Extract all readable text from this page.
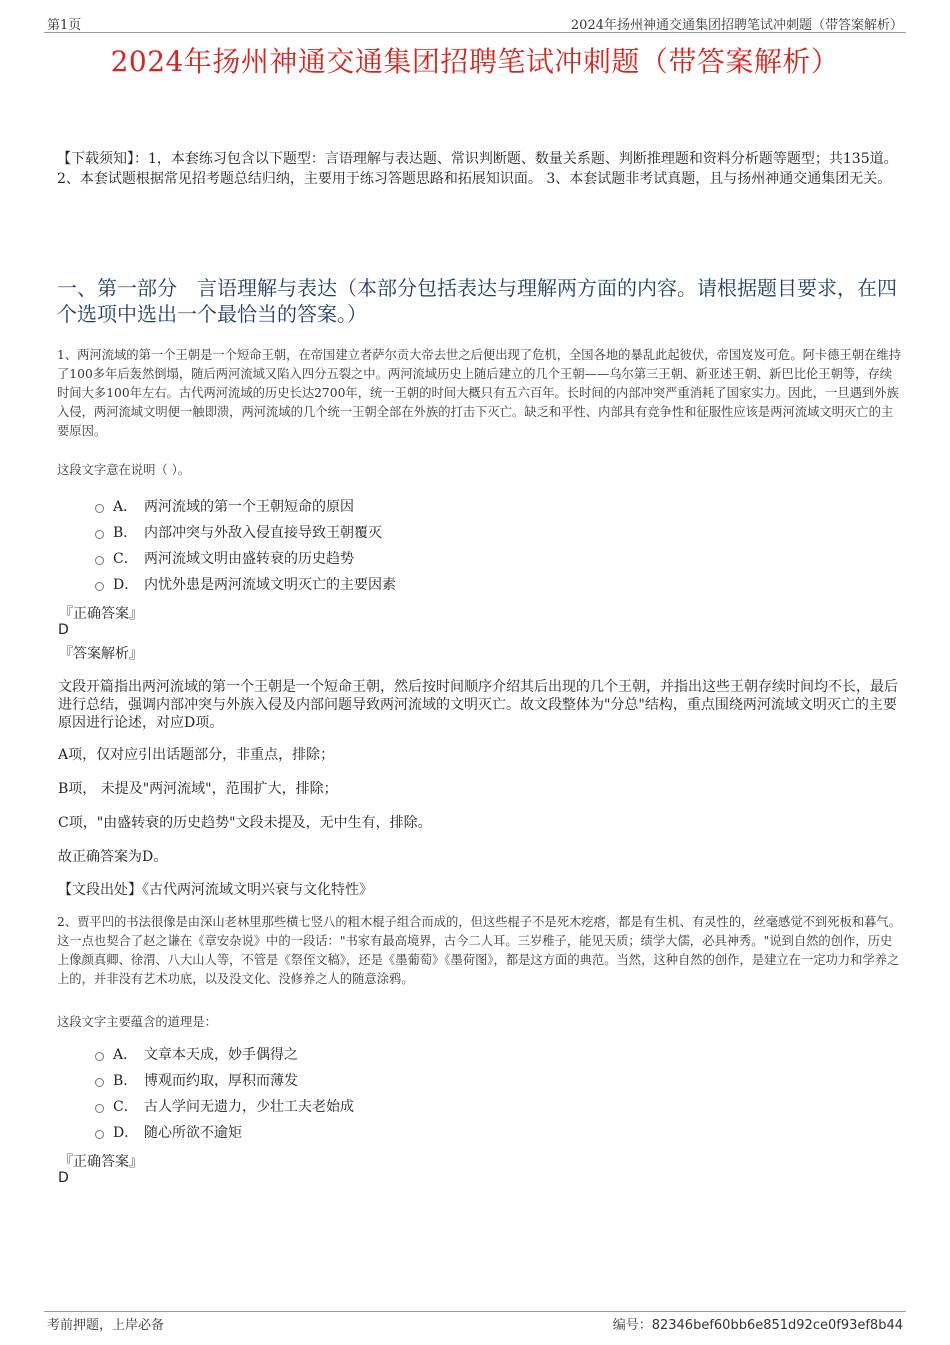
第1页	2024年扬州神通交通集团招聘笔试冲刺题（带答案解析）
2024年扬州神通交通集团招聘笔试冲刺题（带答案解析）
【下载须知】：1，本套练习包含以下题型：言语理解与表达题、常识判断题、数量关系题、判断推理题和资料分析题等题型；共135道。 2、本套试题根据常见招考题总结归纳，主要用于练习答题思路和拓展知识面。 3、本套试题非考试真题，且与扬州神通交通集团无关。
一、第一部分　言语理解与表达（本部分包括表达与理解两方面的内容。请根据题目要求，在四个选项中选出一个最恰当的答案。）
1、两河流域的第一个王朝是一个短命王朝，在帝国建立者萨尔贡大帝去世之后便出现了危机，全国各地的暴乱此起彼伏，帝国岌岌可危。阿卡德王朝在维持了100多年后轰然倒塌，随后两河流域又陷入四分五裂之中。两河流域历史上随后建立的几个王朝——乌尔第三王朝、新亚述王朝、新巴比伦王朝等，存续时间大多100年左右。古代两河流域的历史长达2700年，统一王朝的时间大概只有五六百年。长时间的内部冲突严重消耗了国家实力。因此，一旦遇到外族入侵，两河流域文明便一触即溃，两河流域的几个统一王朝全部在外族的打击下灭亡。缺乏和平性、内部具有竞争性和征服性应该是两河流域文明灭亡的主要原因。
这段文字意在说明（ ）。
A． 两河流域的第一个王朝短命的原因
B． 内部冲突与外敌入侵直接导致王朝覆灭
C． 两河流域文明由盛转衰的历史趋势
D． 内忧外患是两河流域文明灭亡的主要因素
『正确答案』
D
『答案解析』
文段开篇指出两河流域的第一个王朝是一个短命王朝，然后按时间顺序介绍其后出现的几个王朝，并指出这些王朝存续时间均不长，最后进行总结，强调内部冲突与外族入侵及内部问题导致两河流域的文明灭亡。故文段整体为"分总"结构，重点围绕两河流域文明灭亡的主要原因进行论述，对应D项。
A项，仅对应引出话题部分，非重点，排除；
B项， 未提及"两河流域"，范围扩大，排除；
C项，"由盛转衰的历史趋势"文段未提及，无中生有，排除。
故正确答案为D。
【文段出处】《古代两河流域文明兴衰与文化特性》
2、贾平凹的书法很像是由深山老林里那些横七竖八的粗木棍子组合而成的，但这些棍子不是死木疙瘩，都是有生机、有灵性的，丝毫感觉不到死板和暮气。这一点也契合了赵之谦在《章安杂说》中的一段话："书家有最高境界，古今二人耳。三岁稚子，能见天质；绩学大儒，必具神秀。"说到自然的创作，历史上像颜真卿、徐渭、八大山人等，不管是《祭侄文稿》，还是《墨葡萄》《墨荷图》，都是这方面的典范。当然，这种自然的创作，是建立在一定功力和学养之上的，并非没有艺术功底，以及没文化、没修养之人的随意涂鸦。
这段文字主要蕴含的道理是：
A． 文章本天成，妙手偶得之
B． 博观而约取，厚积而薄发
C． 古人学问无遗力，少壮工夫老始成
D． 随心所欲不逾矩
『正确答案』
D
考前押题，上岸必备	编号：82346bef60bb6e851d92ce0f93ef8b44
